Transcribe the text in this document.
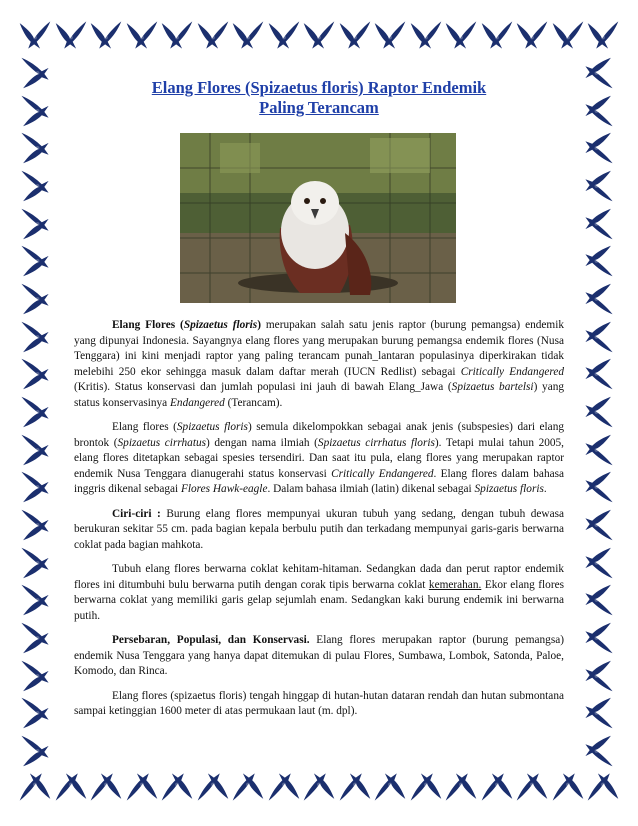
Elang Flores (Spizaetus floris) Raptor Endemik
Paling Terancam

Elang Flores (Spizaetus floris) merupakan salah satu jenis raptor (burung pemangsa) endemik yang dipunyai Indonesia. Sayangnya elang flores yang merupakan burung pemangsa endemik flores (Nusa Tenggara) ini kini menjadi raptor yang paling terancam punah_lantaran populasinya diperkirakan tidak melebihi 250 ekor sehingga masuk dalam daftar merah (IUCN Redlist) sebagai Critically Endangered (Kritis). Status konservasi dan jumlah populasi ini jauh di bawah Elang_Jawa (Spizaetus bartelsi) yang status konservasinya Endangered (Terancam).

Elang flores (Spizaetus floris) semula dikelompokkan sebagai anak jenis (subspesies) dari elang brontok (Spizaetus cirrhatus) dengan nama ilmiah (Spizaetus cirrhatus floris). Tetapi mulai tahun 2005, elang flores ditetapkan sebagai spesies tersendiri. Dan saat itu pula, elang flores yang merupakan raptor endemik Nusa Tenggara dianugerahi status konservasi Critically Endangered. Elang flores dalam bahasa inggris dikenal sebagai Flores Hawk-eagle. Dalam bahasa ilmiah (latin) dikenal sebagai Spizaetus floris.

Ciri-ciri : Burung elang flores mempunyai ukuran tubuh yang sedang, dengan tubuh dewasa berukuran sekitar 55 cm. pada bagian kepala berbulu putih dan terkadang mempunyai garis-garis berwarna coklat pada bagian mahkota.

Tubuh elang flores berwarna coklat kehitam-hitaman. Sedangkan dada dan perut raptor endemik flores ini ditumbuhi bulu berwarna putih dengan corak tipis berwarna coklat kemerahan. Ekor elang flores berwarna coklat yang memiliki garis gelap sejumlah enam. Sedangkan kaki burung endemik ini berwarna putih.

Persebaran, Populasi, dan Konservasi. Elang flores merupakan raptor (burung pemangsa) endemik Nusa Tenggara yang hanya dapat ditemukan di pulau Flores, Sumbawa, Lombok, Satonda, Paloe, Komodo, dan Rinca.

Elang flores (spizaetus floris) tengah hinggap di hutan-hutan dataran rendah dan hutan submontana sampai ketinggian 1600 meter di atas permukaan laut (m. dpl).
